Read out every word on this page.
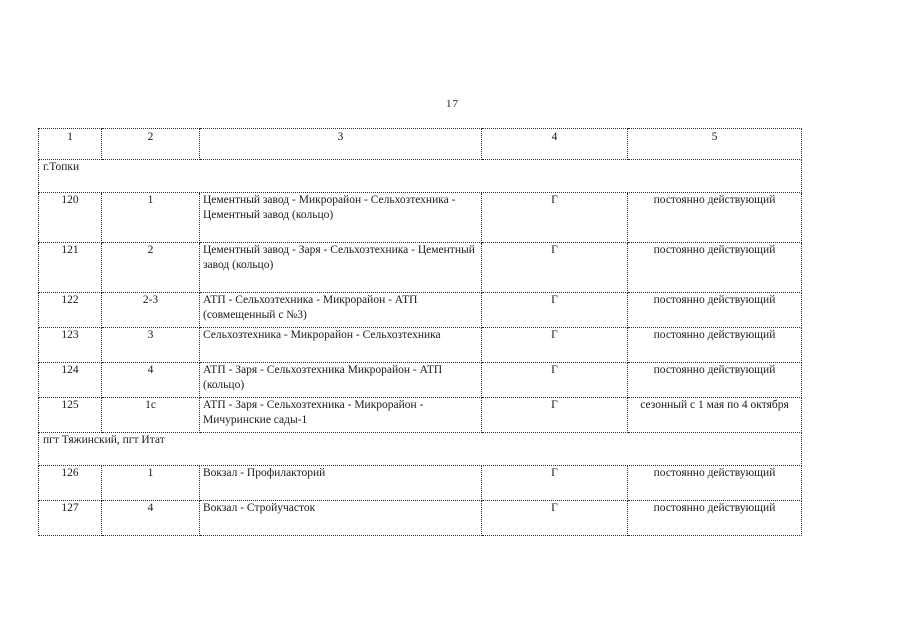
17
1	2	3	4	5
г.Топки				
120	1	Цементный завод - Микрорайон - Сельхозтехника - Цементный завод (кольцо)	Г	постоянно действующий
121	2	Цементный завод - Заря - Сельхозтехника - Цементный завод (кольцо)	Г	постоянно действующий
122	2-3	АТП - Сельхозтехника - Микрорайон - АТП (совмещенный с №3)	Г	постоянно действующий
123	3	Сельхозтехника - Микрорайон - Сельхозтехника	Г	постоянно действующий
124	4	АТП - Заря - Сельхозтехника Микрорайон - АТП (кольцо)	Г	постоянно действующий
125	1с	АТП - Заря - Сельхозтехника - Микрорайон - Мичуринские сады-1	Г	сезонный с 1 мая по 4 октября
пгт Тяжинский, пгт Итат				
126	1	Вокзал - Профилакторий	Г	постоянно действующий
127	4	Вокзал - Стройучасток	Г	постоянно действующий
